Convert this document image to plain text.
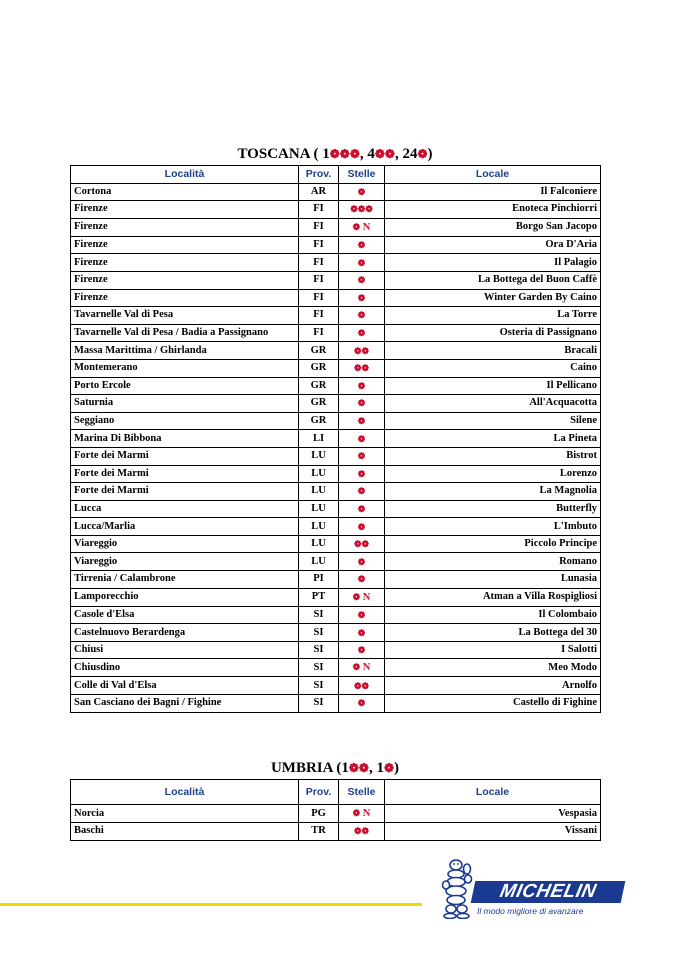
TOSCANA ( 1❁❁❁, 4❁❁, 24❁)
Località	Prov.	Stelle	Locale
Cortona	AR	❁	Il Falconiere
Firenze	FI	❁❁❁	Enoteca Pinchiorri
Firenze	FI	❁ N	Borgo San Jacopo
Firenze	FI	❁	Ora D'Aria
Firenze	FI	❁	Il Palagio
Firenze	FI	❁	La Bottega del Buon Caffè
Firenze	FI	❁	Winter Garden By Caino
Tavarnelle Val di Pesa	FI	❁	La Torre
Tavarnelle Val di Pesa / Badia a Passignano	FI	❁	Osteria di Passignano
Massa Marittima / Ghirlanda	GR	❁❁	Bracali
Montemerano	GR	❁❁	Caino
Porto Ercole	GR	❁	Il Pellicano
Saturnia	GR	❁	All'Acquacotta
Seggiano	GR	❁	Silene
Marina Di Bibbona	LI	❁	La Pineta
Forte dei Marmi	LU	❁	Bistrot
Forte dei Marmi	LU	❁	Lorenzo
Forte dei Marmi	LU	❁	La Magnolia
Lucca	LU	❁	Butterfly
Lucca/Marlia	LU	❁	L'Imbuto
Viareggio	LU	❁❁	Piccolo Principe
Viareggio	LU	❁	Romano
Tirrenia / Calambrone	PI	❁	Lunasia
Lamporecchio	PT	❁ N	Atman a Villa Rospigliosi
Casole d'Elsa	SI	❁	Il Colombaio
Castelnuovo Berardenga	SI	❁	La Bottega del 30
Chiusi	SI	❁	I Salotti
Chiusdino	SI	❁ N	Meo Modo
Colle di Val d'Elsa	SI	❁❁	Arnolfo
San Casciano dei Bagni / Fighine	SI	❁	Castello di Fighine
UMBRIA (1❁❁, 1❁)
Località	Prov.	Stelle	Locale
Norcia	PG	❁ N	Vespasia
Baschi	TR	❁❁	Vissani
MICHELIN
Il modo migliore di avanzare
